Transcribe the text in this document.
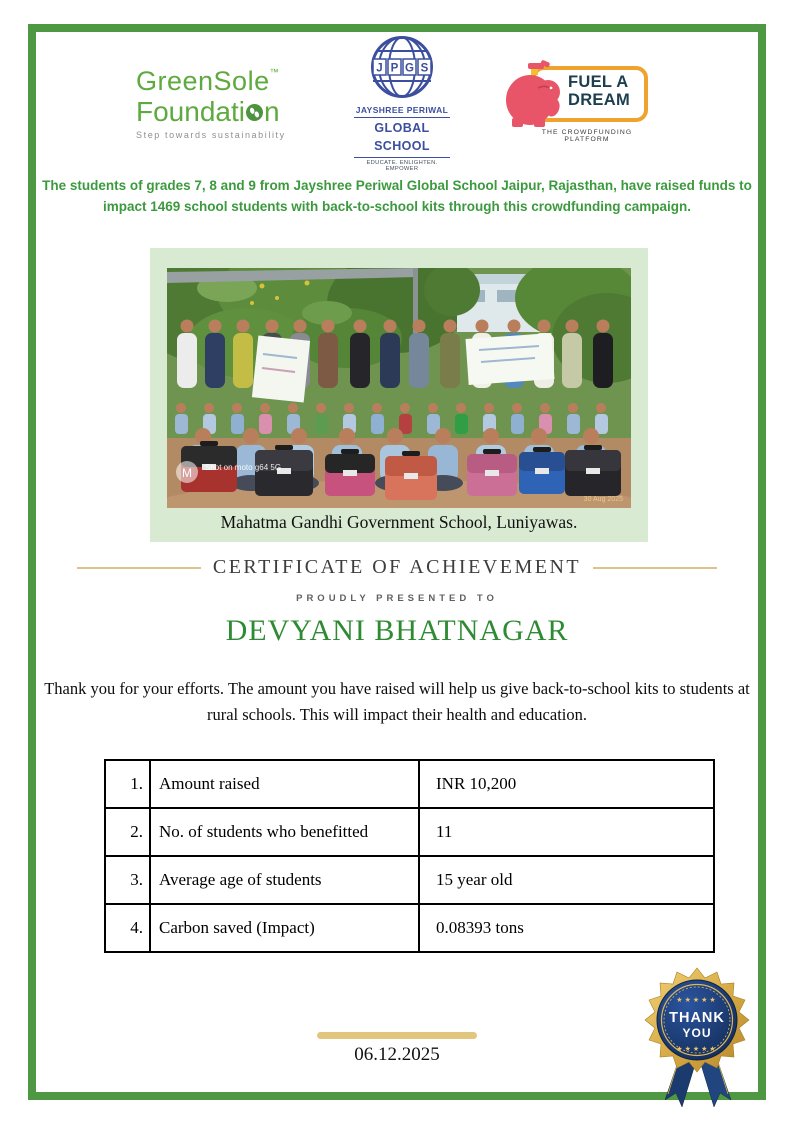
GreenSole™
Foundati n
Step towards sustainability
J P G S
JAYSHREE PERIWAL
GLOBAL SCHOOL
EDUCATE. ENLIGHTEN. EMPOWER
FUEL A
DREAM
THE CROWDFUNDING PLATFORM
The students of grades 7, 8 and 9 from Jayshree Periwal Global School Jaipur, Rajasthan, have raised funds to impact 1469 school students with back-to-school kits through this crowdfunding campaign.
M Shot on moto g64 5G
30 Aug 2025
Mahatma Gandhi Government School, Luniyawas.
CERTIFICATE OF ACHIEVEMENT
PROUDLY PRESENTED TO
DEVYANI BHATNAGAR
Thank you for your efforts. The amount you have raised will help us give back-to-school kits to students at rural schools. This will impact their health and education.
1.	Amount raised	INR 10,200
2.	No. of students who benefitted	11
3.	Average age of students	15 year old
4.	Carbon saved (Impact)	0.08393 tons
★★★★★
THANK
YOU
★★★★★
06.12.2025
